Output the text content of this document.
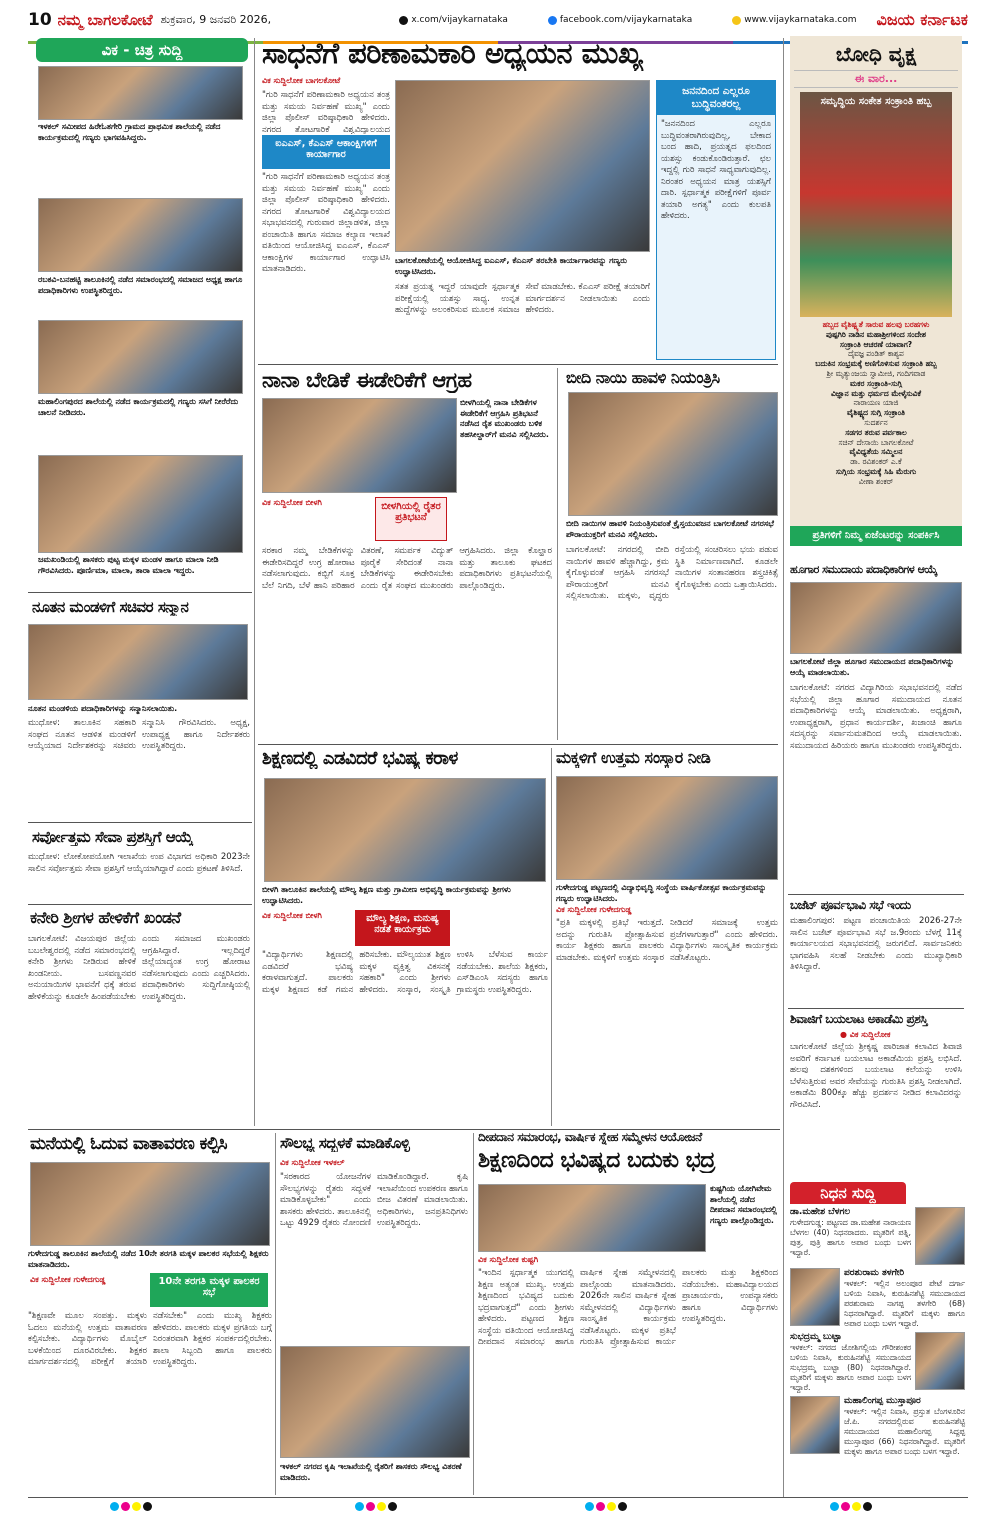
10 ನಮ್ಮ ಬಾಗಲಕೋಟೆ ಶುಕ್ರವಾರ, 9 ಜನವರಿ 2026,	x.com/vijaykarnataka	facebook.com/vijaykarnataka	www.vijaykarnataka.com ವಿಜಯ ಕರ್ನಾಟಕ
ವಿಕ - ಚಿತ್ರ ಸುದ್ದಿ
ಇಳಕಲ್ ಸಮೀಪದ ಹಿರೇಓತಗೇರಿ ಗ್ರಾಮದ ಪ್ರಾಥಮಿಕ ಶಾಲೆಯಲ್ಲಿ ನಡೆದ ಕಾರ್ಯಕ್ರಮದಲ್ಲಿ ಗಣ್ಯರು ಭಾಗವಹಿಸಿದ್ದರು.
ರಬಕವಿ-ಬನಹಟ್ಟಿ ತಾಲೂಕಿನಲ್ಲಿ ನಡೆದ ಸಮಾರಂಭದಲ್ಲಿ ಸಮಾಜದ ಅಧ್ಯಕ್ಷ ಹಾಗೂ ಪದಾಧಿಕಾರಿಗಳು ಉಪಸ್ಥಿತರಿದ್ದರು.
ಮಹಾಲಿಂಗಪುರದ ಶಾಲೆಯಲ್ಲಿ ನಡೆದ ಕಾರ್ಯಕ್ರಮದಲ್ಲಿ ಗಣ್ಯರು ಸಸಿಗೆ ನೀರೆರೆದು ಚಾಲನೆ ನೀಡಿದರು.
ಜಮಖಂಡಿಯಲ್ಲಿ ಶಾಸಕರು ಪುಟ್ಟ ಮಕ್ಕಳ ಮಂಡಳ ಹಾಗೂ ಮಾಲಾ ನೀಡಿ ಗೌರವಿಸಿದರು. ಪೂರ್ಣಿಮಾ, ಮಾಲಾ, ತಾರಾ ಮಾಲಾ ಇದ್ದರು.
ನೂತನ ಮಂಡಳಿಗೆ ಸಚಿವರ ಸನ್ಮಾನ
ನೂತನ ಮಂಡಳಿಯ ಪದಾಧಿಕಾರಿಗಳನ್ನು ಸನ್ಮಾನಿಸಲಾಯಿತು.
ಮುಧೋಳ: ತಾಲೂಕಿನ ಸಹಕಾರಿ ಸಂಘದ ನೂತನ ಆಡಳಿತ ಮಂಡಳಿಗೆ ಆಯ್ಕೆಯಾದ ನಿರ್ದೇಶಕರನ್ನು ಸಚಿವರು ಸನ್ಮಾನಿಸಿ ಗೌರವಿಸಿದರು. ಅಧ್ಯಕ್ಷ, ಉಪಾಧ್ಯಕ್ಷ ಹಾಗೂ ನಿರ್ದೇಶಕರು ಉಪಸ್ಥಿತರಿದ್ದರು.
ಸರ್ವೋತ್ತಮ ಸೇವಾ ಪ್ರಶಸ್ತಿಗೆ ಆಯ್ಕೆ
ಮುಧೋಳ: ಲೋಕೋಪಯೋಗಿ ಇಲಾಖೆಯ ಉಪ ವಿಭಾಗದ ಅಧಿಕಾರಿ 2023ನೇ ಸಾಲಿನ ಸರ್ವೋತ್ತಮ ಸೇವಾ ಪ್ರಶಸ್ತಿಗೆ ಆಯ್ಕೆಯಾಗಿದ್ದಾರೆ ಎಂದು ಪ್ರಕಟಣೆ ತಿಳಿಸಿದೆ.
ಕನೇರಿ ಶ್ರೀಗಳ ಹೇಳಿಕೆಗೆ ಖಂಡನೆ
ಬಾಗಲಕೋಟೆ: ವಿಜಯಪುರ ಜಿಲ್ಲೆಯ ಬಬಲೇಶ್ವರದಲ್ಲಿ ನಡೆದ ಸಮಾರಂಭದಲ್ಲಿ ಕನೇರಿ ಶ್ರೀಗಳು ನೀಡಿರುವ ಹೇಳಿಕೆ ಖಂಡನೀಯ. ಬಸವಣ್ಣನವರ ಅನುಯಾಯಿಗಳ ಭಾವನೆಗೆ ಧಕ್ಕೆ ತರುವ ಹೇಳಿಕೆಯನ್ನು ಕೂಡಲೇ ಹಿಂಪಡೆಯಬೇಕು ಎಂದು ಸಮಾಜದ ಮುಖಂಡರು ಆಗ್ರಹಿಸಿದ್ದಾರೆ. ಇಲ್ಲದಿದ್ದರೆ ಜಿಲ್ಲೆಯಾದ್ಯಂತ ಉಗ್ರ ಹೋರಾಟ ನಡೆಸಲಾಗುವುದು ಎಂದು ಎಚ್ಚರಿಸಿದರು. ಪದಾಧಿಕಾರಿಗಳು ಸುದ್ದಿಗೋಷ್ಠಿಯಲ್ಲಿ ಉಪಸ್ಥಿತರಿದ್ದರು.
ಸಾಧನೆಗೆ ಪರಿಣಾಮಕಾರಿ ಅಧ್ಯಯನ ಮುಖ್ಯ
ವಿಕ ಸುದ್ದಿಲೋಕ ಬಾಗಲಕೋಟೆ
ಐಎಎಸ್, ಕೆಎಎಸ್ ಆಕಾಂಕ್ಷಿಗಳಿಗೆ ಕಾರ್ಯಾಗಾರ
"ಗುರಿ ಸಾಧನೆಗೆ ಪರಿಣಾಮಕಾರಿ ಅಧ್ಯಯನ ತಂತ್ರ ಮತ್ತು ಸಮಯ ನಿರ್ವಹಣೆ ಮುಖ್ಯ" ಎಂದು ಜಿಲ್ಲಾ ಪೊಲೀಸ್ ವರಿಷ್ಠಾಧಿಕಾರಿ ಹೇಳಿದರು. ನಗರದ ತೋಟಗಾರಿಕೆ ವಿಶ್ವವಿದ್ಯಾಲಯದ
ಬಾಗಲಕೋಟೆಯಲ್ಲಿ ಆಯೋಜಿಸಿದ್ದ ಐಎಎಸ್, ಕೆಎಎಸ್ ತರಬೇತಿ ಕಾರ್ಯಾಗಾರವನ್ನು ಗಣ್ಯರು ಉದ್ಘಾಟಿಸಿದರು.
"ಗುರಿ ಸಾಧನೆಗೆ ಪರಿಣಾಮಕಾರಿ ಅಧ್ಯಯನ ತಂತ್ರ ಮತ್ತು ಸಮಯ ನಿರ್ವಹಣೆ ಮುಖ್ಯ" ಎಂದು ಜಿಲ್ಲಾ ಪೊಲೀಸ್ ವರಿಷ್ಠಾಧಿಕಾರಿ ಹೇಳಿದರು. ನಗರದ ತೋಟಗಾರಿಕೆ ವಿಶ್ವವಿದ್ಯಾಲಯದ ಸಭಾಭವನದಲ್ಲಿ ಗುರುವಾರ ಜಿಲ್ಲಾಡಳಿತ, ಜಿಲ್ಲಾ ಪಂಚಾಯಿತಿ ಹಾಗೂ ಸಮಾಜ ಕಲ್ಯಾಣ ಇಲಾಖೆ ವತಿಯಿಂದ ಆಯೋಜಿಸಿದ್ದ ಐಎಎಸ್, ಕೆಎಎಸ್ ಆಕಾಂಕ್ಷಿಗಳ ಕಾರ್ಯಾಗಾರ ಉದ್ಘಾಟಿಸಿ ಮಾತನಾಡಿದರು.
ಸತತ ಪ್ರಯತ್ನ ಇದ್ದರೆ ಯಾವುದೇ ಸ್ಪರ್ಧಾತ್ಮಕ ಪರೀಕ್ಷೆಯಲ್ಲಿ ಯಶಸ್ಸು ಸಾಧ್ಯ. ಉನ್ನತ ಹುದ್ದೆಗಳನ್ನು ಅಲಂಕರಿಸುವ ಮೂಲಕ ಸಮಾಜ ಸೇವೆ ಮಾಡಬೇಕು. ಕೆಎಎಸ್ ಪರೀಕ್ಷೆ ತಯಾರಿಗೆ ಮಾರ್ಗದರ್ಶನ ನೀಡಲಾಯಿತು ಎಂದು ಹೇಳಿದರು.
ಜನನದಿಂದ ಎಲ್ಲರೂ ಬುದ್ಧಿವಂತರಲ್ಲ
"ಜನನದಿಂದ ಎಲ್ಲರೂ ಬುದ್ಧಿವಂತರಾಗಿರುವುದಿಲ್ಲ, ಬೇಕಾದ ಬಂದ ಹಾದಿ, ಪ್ರಯತ್ನದ ಫಲದಿಂದ ಯಶಸ್ಸು ಕಂಡುಕೊಂಡಿರುತ್ತಾರೆ. ಛಲ ಇದ್ದಲ್ಲಿ ಗುರಿ ಸಾಧನೆ ಸಾಧ್ಯವಾಗುವುದಿಲ್ಲ. ನಿರಂತರ ಅಧ್ಯಯನ ಮಾತ್ರ ಯಶಸ್ಸಿಗೆ ದಾರಿ. ಸ್ಪರ್ಧಾತ್ಮಕ ಪರೀಕ್ಷೆಗಳಿಗೆ ಪೂರ್ವ ತಯಾರಿ ಅಗತ್ಯ" ಎಂದು ಕುಲಪತಿ ಹೇಳಿದರು.
ನಾನಾ ಬೇಡಿಕೆ ಈಡೇರಿಕೆಗೆ ಆಗ್ರಹ
ಬೀಳಗಿಯಲ್ಲಿ ನಾನಾ ಬೇಡಿಕೆಗಳ ಈಡೇರಿಕೆಗೆ ಆಗ್ರಹಿಸಿ ಪ್ರತಿಭಟನೆ ನಡೆಸಿದ ರೈತ ಮುಖಂಡರು ಬಳಿಕ ತಹಸೀಲ್ದಾರ್‌ಗೆ ಮನವಿ ಸಲ್ಲಿಸಿದರು.
ವಿಕ ಸುದ್ದಿಲೋಕ ಬೀಳಗಿ	ಬೀಳಗಿಯಲ್ಲಿ ರೈತರ ಪ್ರತಿಭಟನೆ
ಸರಕಾರ ನಮ್ಮ ಬೇಡಿಕೆಗಳನ್ನು ಈಡೇರಿಸದಿದ್ದರೆ ಉಗ್ರ ಹೋರಾಟ ನಡೆಸಲಾಗುವುದು. ಕಬ್ಬಿಗೆ ಸೂಕ್ತ ಬೆಲೆ ನಿಗದಿ, ಬೆಳೆ ಹಾನಿ ಪರಿಹಾರ ವಿತರಣೆ, ಸಮರ್ಪಕ ವಿದ್ಯುತ್ ಪೂರೈಕೆ ಸೇರಿದಂತೆ ನಾನಾ ಬೇಡಿಕೆಗಳನ್ನು ಈಡೇರಿಸಬೇಕು ಎಂದು ರೈತ ಸಂಘದ ಮುಖಂಡರು ಆಗ್ರಹಿಸಿದರು. ಜಿಲ್ಲಾ ಕೊಲ್ಹಾರ ಮತ್ತು ತಾಲೂಕು ಘಟಕದ ಪದಾಧಿಕಾರಿಗಳು ಪ್ರತಿಭಟನೆಯಲ್ಲಿ ಪಾಲ್ಗೊಂಡಿದ್ದರು.
ಬೀದಿ ನಾಯಿ ಹಾವಳಿ ನಿಯಂತ್ರಿಸಿ
ಬೀದಿ ನಾಯಿಗಳ ಹಾವಳಿ ನಿಯಂತ್ರಿಸುವಂತೆ ಕ್ರೈಸ್ತಯುವಜನ ಬಾಗಲಕೋಟೆ ನಗರಸಭೆ ಪೌರಾಯುಕ್ತರಿಗೆ ಮನವಿ ಸಲ್ಲಿಸಿದರು.
ಬಾಗಲಕೋಟೆ: ನಗರದಲ್ಲಿ ಬೀದಿ ನಾಯಿಗಳ ಹಾವಳಿ ಹೆಚ್ಚಾಗಿದ್ದು, ಕ್ರಮ ಕೈಗೊಳ್ಳುವಂತೆ ಆಗ್ರಹಿಸಿ ನಗರಸಭೆ ಪೌರಾಯುಕ್ತರಿಗೆ ಮನವಿ ಸಲ್ಲಿಸಲಾಯಿತು. ಮಕ್ಕಳು, ವೃದ್ಧರು ರಸ್ತೆಯಲ್ಲಿ ಸಂಚರಿಸಲು ಭಯ ಪಡುವ ಸ್ಥಿತಿ ನಿರ್ಮಾಣವಾಗಿದೆ. ಕೂಡಲೇ ನಾಯಿಗಳ ಸಂತಾನಹರಣ ಶಸ್ತ್ರಚಿಕಿತ್ಸೆ ಕೈಗೊಳ್ಳಬೇಕು ಎಂದು ಒತ್ತಾಯಿಸಿದರು.
ಶಿಕ್ಷಣದಲ್ಲಿ ಎಡವಿದರೆ ಭವಿಷ್ಯ ಕರಾಳ
ಬೀಳಗಿ ತಾಲೂಕಿನ ಶಾಲೆಯಲ್ಲಿ ಮೌಲ್ಯ ಶಿಕ್ಷಣ ಮತ್ತು ಗ್ರಾಮೀಣ ಅಭಿವೃದ್ಧಿ ಕಾರ್ಯಕ್ರಮವನ್ನು ಶ್ರೀಗಳು ಉದ್ಘಾಟಿಸಿದರು.
ವಿಕ ಸುದ್ದಿಲೋಕ ಬೀಳಗಿ	ಮೌಲ್ಯ ಶಿಕ್ಷಣ, ಮನುಷ್ಯ ನಡತೆ ಕಾರ್ಯಕ್ರಮ
"ವಿದ್ಯಾರ್ಥಿಗಳು ಶಿಕ್ಷಣದಲ್ಲಿ ಎಡವಿದರೆ ಭವಿಷ್ಯ ಕರಾಳವಾಗುತ್ತದೆ. ಪಾಲಕರು ಮಕ್ಕಳ ಶಿಕ್ಷಣದ ಕಡೆ ಗಮನ ಹರಿಸಬೇಕು. ಮೌಲ್ಯಯುತ ಶಿಕ್ಷಣ ಮಕ್ಕಳ ವ್ಯಕ್ತಿತ್ವ ವಿಕಸನಕ್ಕೆ ಸಹಕಾರಿ" ಎಂದು ಶ್ರೀಗಳು ಹೇಳಿದರು. ಸಂಸ್ಕಾರ, ಸಂಸ್ಕೃತಿ ಉಳಿಸಿ ಬೆಳೆಸುವ ಕಾರ್ಯ ನಡೆಯಬೇಕು. ಶಾಲೆಯ ಶಿಕ್ಷಕರು, ಎಸ್‌ಡಿಎಂಸಿ ಸದಸ್ಯರು ಹಾಗೂ ಗ್ರಾಮಸ್ಥರು ಉಪಸ್ಥಿತರಿದ್ದರು.
ಮಕ್ಕಳಿಗೆ ಉತ್ತಮ ಸಂಸ್ಕಾರ ನೀಡಿ
ಗುಳೇದಗುಡ್ಡ ಪಟ್ಟಣದಲ್ಲಿ ವಿದ್ಯಾಭಿವೃದ್ಧಿ ಸಂಸ್ಥೆಯ ವಾರ್ಷಿಕೋತ್ಸವ ಕಾರ್ಯಕ್ರಮವನ್ನು ಗಣ್ಯರು ಉದ್ಘಾಟಿಸಿದರು.
ವಿಕ ಸುದ್ದಿಲೋಕ ಗುಳೇದಗುಡ್ಡ
"ಪ್ರತಿ ಮಕ್ಕಳಲ್ಲಿ ಪ್ರತಿಭೆ ಇರುತ್ತದೆ. ಅದನ್ನು ಗುರುತಿಸಿ ಪ್ರೋತ್ಸಾಹಿಸುವ ಕಾರ್ಯ ಶಿಕ್ಷಕರು ಹಾಗೂ ಪಾಲಕರು ಮಾಡಬೇಕು. ಮಕ್ಕಳಿಗೆ ಉತ್ತಮ ಸಂಸ್ಕಾರ ನೀಡಿದರೆ ಸಮಾಜಕ್ಕೆ ಉತ್ತಮ ಪ್ರಜೆಗಳಾಗುತ್ತಾರೆ" ಎಂದು ಹೇಳಿದರು. ವಿದ್ಯಾರ್ಥಿಗಳು ಸಾಂಸ್ಕೃತಿಕ ಕಾರ್ಯಕ್ರಮ ನಡೆಸಿಕೊಟ್ಟರು.
ಬೋಧಿ ವೃಕ್ಷ
ಈ ವಾರ...
ಸಮೃದ್ಧಿಯ ಸಂಕೇತ ಸಂಕ್ರಾಂತಿ ಹಬ್ಬ
ಹಬ್ಬದ ವೈಶಿಷ್ಟ್ಯತೆ ಸಾರುವ ಹಲವು ಬರಹಗಳು
ಪುಷ್ಪಗಿರಿ ನಾಡಿನ ಮಹಾಶ್ರೀಗಳಿಂದ ಸಂದೇಶ
ಸಂಕ್ರಾಂತಿ ಆಚರಣೆ ಯಾವಾಗ?
ದೈವಜ್ಞ ಪಂಡಿತ್ ಕಾಶ್ಯಪ
ಬದುಕಿನ ಸಂಭ್ರಮಕ್ಕೆ ಅಣಿಗೊಳಿಸುವ ಸಂಕ್ರಾಂತಿ ಹಬ್ಬ
ಶ್ರೀ ಮೃತ್ಯುಂಜಯ ಸ್ವಾಮೀಜಿ, ಗಂದಿಗವಾಡ
ಮಕರ ಸಂಕ್ರಾಂತಿ-ಸುಗ್ಗಿ
ವಿಜ್ಞಾನ ಮತ್ತು ಧರ್ಮದ ಮೇಳೈಸುವಿಕೆ
ನಾರಾಯಣ ಯಾಜಿ
ವೈಶಿಷ್ಟ್ಯದ ಸುಗ್ಗಿ ಸಂಕ್ರಾಂತಿ
ಸುದರ್ಶನ
ಸಡಗರ ತರುವ ಪರ್ವಕಾಲ
ಸಚಿನ್ ದೇಸಾಯಿ ಬಾಗಲಕೋಟೆ
ವೈವಿಧ್ಯತೆಯ ಸಮ್ಮಿಲನ
ಡಾ. ರವಿಶಂಕರ್ ಎ.ಕೆ
ಸುಗ್ಗಿಯ ಸಂಭ್ರಮಕ್ಕೆ ಸಿಹಿ ಮೆರುಗು
ವೀಣಾ ಶಂಕರ್
ಪ್ರತಿಗಳಿಗೆ ನಿಮ್ಮ ಏಜೆಂಟರನ್ನು ಸಂಪರ್ಕಿಸಿ
ಹೂಗಾರ ಸಮುದಾಯ ಪದಾಧಿಕಾರಿಗಳ ಆಯ್ಕೆ
ಬಾಗಲಕೋಟೆ ಜಿಲ್ಲಾ ಹೂಗಾರ ಸಮುದಾಯದ ಪದಾಧಿಕಾರಿಗಳನ್ನು ಆಯ್ಕೆ ಮಾಡಲಾಯಿತು.
ಬಾಗಲಕೋಟೆ: ನಗರದ ವಿದ್ಯಾಗಿರಿಯ ಸಭಾಭವನದಲ್ಲಿ ನಡೆದ ಸಭೆಯಲ್ಲಿ ಜಿಲ್ಲಾ ಹೂಗಾರ ಸಮುದಾಯದ ನೂತನ ಪದಾಧಿಕಾರಿಗಳನ್ನು ಆಯ್ಕೆ ಮಾಡಲಾಯಿತು. ಅಧ್ಯಕ್ಷರಾಗಿ, ಉಪಾಧ್ಯಕ್ಷರಾಗಿ, ಪ್ರಧಾನ ಕಾರ್ಯದರ್ಶಿ, ಖಜಾಂಚಿ ಹಾಗೂ ಸದಸ್ಯರನ್ನು ಸರ್ವಾನುಮತದಿಂದ ಆಯ್ಕೆ ಮಾಡಲಾಯಿತು. ಸಮುದಾಯದ ಹಿರಿಯರು ಹಾಗೂ ಮುಖಂಡರು ಉಪಸ್ಥಿತರಿದ್ದರು.
ಬಜೆಟ್ ಪೂರ್ವಭಾವಿ ಸಭೆ ಇಂದು
ಮಹಾಲಿಂಗಪುರ: ಪಟ್ಟಣ ಪಂಚಾಯಿತಿಯ 2026-27ನೇ ಸಾಲಿನ ಬಜೆಟ್ ಪೂರ್ವಭಾವಿ ಸಭೆ ಜ.9ರಂದು ಬೆಳಗ್ಗೆ 11ಕ್ಕೆ ಕಾರ್ಯಾಲಯದ ಸಭಾಭವನದಲ್ಲಿ ಜರುಗಲಿದೆ. ಸಾರ್ವಜನಿಕರು ಭಾಗವಹಿಸಿ ಸಲಹೆ ನೀಡಬೇಕು ಎಂದು ಮುಖ್ಯಾಧಿಕಾರಿ ತಿಳಿಸಿದ್ದಾರೆ.
ಶಿವಾಜಿಗೆ ಬಯಲಾಟ ಅಕಾಡೆಮಿ ಪ್ರಶಸ್ತಿ
● ವಿಕ ಸುದ್ದಿಲೋಕ
ಬಾಗಲಕೋಟೆ ಜಿಲ್ಲೆಯ ಶ್ರೀಕೃಷ್ಣ ಪಾರಿಜಾತ ಕಲಾವಿದ ಶಿವಾಜಿ ಅವರಿಗೆ ಕರ್ನಾಟಕ ಬಯಲಾಟ ಅಕಾಡೆಮಿಯ ಪ್ರಶಸ್ತಿ ಲಭಿಸಿದೆ. ಹಲವು ದಶಕಗಳಿಂದ ಬಯಲಾಟ ಕಲೆಯನ್ನು ಉಳಿಸಿ ಬೆಳೆಸುತ್ತಿರುವ ಅವರ ಸೇವೆಯನ್ನು ಗುರುತಿಸಿ ಪ್ರಶಸ್ತಿ ನೀಡಲಾಗಿದೆ. ಅಕಾಡೆಮಿ 800ಕ್ಕೂ ಹೆಚ್ಚು ಪ್ರದರ್ಶನ ನೀಡಿದ ಕಲಾವಿದರನ್ನು ಗೌರವಿಸಿದೆ.
ನಿಧನ ಸುದ್ದಿ
ಡಾ.ಮಹೇಶ ಬೆಳಗಲ
ಗುಳೇದಗುಡ್ಡ: ಪಟ್ಟಣದ ಡಾ.ಮಹೇಶ ನಾರಾಯಣ ಬೆಳಗಲ (40) ನಿಧನರಾದರು. ಮೃತರಿಗೆ ಪತ್ನಿ, ಪುತ್ರ, ಪುತ್ರಿ ಹಾಗೂ ಅಪಾರ ಬಂಧು ಬಳಗ ಇದ್ದಾರೆ.
ಪರಶುರಾಮ ತಳಗೇರಿ
ಇಳಕಲ್: ಇಲ್ಲಿನ ಅಲಂಪೂರ ಪೇಟೆ ದರ್ಗಾ ಬಳಿಯ ನಿವಾಸಿ, ಕುರುಹಿನಶೆಟ್ಟಿ ಸಮುದಾಯದ ಪರಶುರಾಮ ನಾಗಪ್ಪ ತಳಗೇರಿ (68) ನಿಧನರಾಗಿದ್ದಾರೆ. ಮೃತರಿಗೆ ಮಕ್ಕಳು ಹಾಗೂ ಅಪಾರ ಬಂಧು ಬಳಗ ಇದ್ದಾರೆ.
ಸುಭದ್ರಮ್ಮ ಬುಟ್ಟಾ
ಇಳಕಲ್: ನಗರದ ಜೋಶಿಗಲ್ಲಿಯ ಗೌರೀಶಂಕರ ಬಳಿಯ ನಿವಾಸಿ, ಕುರುಹಿನಶೆಟ್ಟಿ ಸಮುದಾಯದ ಸುಭದ್ರಮ್ಮ ಬುಟ್ಟಾ (80) ನಿಧನರಾಗಿದ್ದಾರೆ. ಮೃತರಿಗೆ ಮಕ್ಕಳು ಹಾಗೂ ಅಪಾರ ಬಂಧು ಬಳಗ ಇದ್ದಾರೆ.
ಮಹಾಲಿಂಗಪ್ಪ ಮುಸ್ತಾಪೂರ
ಇಳಕಲ್: ಇಲ್ಲಿನ ನಿವಾಸಿ, ಪ್ರಸ್ತುತ ಬೆಂಗಳೂರಿನ ಜೆ.ಪಿ. ನಗರದಲ್ಲಿರುವ ಕುರುಹಿನಶೆಟ್ಟಿ ಸಮುದಾಯದ ಮಹಾಲಿಂಗಪ್ಪ ಸಿದ್ದಪ್ಪ ಮುಸ್ತಾಪೂರ (66) ನಿಧನರಾಗಿದ್ದಾರೆ. ಮೃತರಿಗೆ ಮಕ್ಕಳು ಹಾಗೂ ಅಪಾರ ಬಂಧು ಬಳಗ ಇದ್ದಾರೆ.
ಮನೆಯಲ್ಲಿ ಓದುವ ವಾತಾವರಣ ಕಲ್ಪಿಸಿ
ಗುಳೇದಗುಡ್ಡ ತಾಲೂಕಿನ ಶಾಲೆಯಲ್ಲಿ ನಡೆದ 10ನೇ ತರಗತಿ ಮಕ್ಕಳ ಪಾಲಕರ ಸಭೆಯಲ್ಲಿ ಶಿಕ್ಷಕರು ಮಾತನಾಡಿದರು.
ವಿಕ ಸುದ್ದಿಲೋಕ ಗುಳೇದಗುಡ್ಡ	10ನೇ ತರಗತಿ ಮಕ್ಕಳ ಪಾಲಕರ ಸಭೆ
"ಶಿಕ್ಷಣವೇ ಮೂಲ ಸಂಪತ್ತು. ಮಕ್ಕಳು ಓದಲು ಮನೆಯಲ್ಲಿ ಉತ್ತಮ ವಾತಾವರಣ ಕಲ್ಪಿಸಬೇಕು. ವಿದ್ಯಾರ್ಥಿಗಳು ಮೊಬೈಲ್ ಬಳಕೆಯಿಂದ ದೂರವಿರಬೇಕು. ಶಿಕ್ಷಕರ ಮಾರ್ಗದರ್ಶನದಲ್ಲಿ ಪರೀಕ್ಷೆಗೆ ತಯಾರಿ ನಡೆಸಬೇಕು" ಎಂದು ಮುಖ್ಯ ಶಿಕ್ಷಕರು ಹೇಳಿದರು. ಪಾಲಕರು ಮಕ್ಕಳ ಪ್ರಗತಿಯ ಬಗ್ಗೆ ನಿರಂತರವಾಗಿ ಶಿಕ್ಷಕರ ಸಂಪರ್ಕದಲ್ಲಿರಬೇಕು. ಶಾಲಾ ಸಿಬ್ಬಂದಿ ಹಾಗೂ ಪಾಲಕರು ಉಪಸ್ಥಿತರಿದ್ದರು.
ಸೌಲಭ್ಯ ಸದ್ಬಳಕೆ ಮಾಡಿಕೊಳ್ಳಿ
ವಿಕ ಸುದ್ದಿಲೋಕ ಇಳಕಲ್
"ಸರಕಾರದ ಯೋಜನೆಗಳ ಸೌಲಭ್ಯಗಳನ್ನು ರೈತರು ಸದ್ಬಳಕೆ ಮಾಡಿಕೊಳ್ಳಬೇಕು" ಎಂದು ಶಾಸಕರು ಹೇಳಿದರು. ತಾಲೂಕಿನಲ್ಲಿ ಒಟ್ಟು 4929 ರೈತರು ನೋಂದಣಿ ಮಾಡಿಕೊಂಡಿದ್ದಾರೆ. ಕೃಷಿ ಇಲಾಖೆಯಿಂದ ಉಪಕರಣ ಹಾಗೂ ಬೀಜ ವಿತರಣೆ ಮಾಡಲಾಯಿತು. ಅಧಿಕಾರಿಗಳು, ಜನಪ್ರತಿನಿಧಿಗಳು ಉಪಸ್ಥಿತರಿದ್ದರು.
ಇಳಕಲ್ ನಗರದ ಕೃಷಿ ಇಲಾಖೆಯಲ್ಲಿ ರೈತರಿಗೆ ಶಾಸಕರು ಸೌಲಭ್ಯ ವಿತರಣೆ ಮಾಡಿದರು.
ದೀಪದಾನ ಸಮಾರಂಭ, ವಾರ್ಷಿಕ ಸ್ನೇಹ ಸಮ್ಮೇಳನ ಆಯೋಜನೆ
ಶಿಕ್ಷಣದಿಂದ ಭವಿಷ್ಯದ ಬದುಕು ಭದ್ರ
ಕುಷ್ಟಗಿಯ ಯೋಗಿವೇಮ ಶಾಲೆಯಲ್ಲಿ ನಡೆದ ದೀಪದಾನ ಸಮಾರಂಭದಲ್ಲಿ ಗಣ್ಯರು ಪಾಲ್ಗೊಂಡಿದ್ದರು.
ವಿಕ ಸುದ್ದಿಲೋಕ ಕುಷ್ಟಗಿ
"ಇಂದಿನ ಸ್ಪರ್ಧಾತ್ಮಕ ಯುಗದಲ್ಲಿ ಶಿಕ್ಷಣ ಅತ್ಯಂತ ಮುಖ್ಯ. ಉತ್ತಮ ಶಿಕ್ಷಣದಿಂದ ಭವಿಷ್ಯದ ಬದುಕು ಭದ್ರವಾಗುತ್ತದೆ" ಎಂದು ಶ್ರೀಗಳು ಹೇಳಿದರು. ಪಟ್ಟಣದ ಶಿಕ್ಷಣ ಸಂಸ್ಥೆಯ ವತಿಯಿಂದ ಆಯೋಜಿಸಿದ್ದ ದೀಪದಾನ ಸಮಾರಂಭ ಹಾಗೂ ವಾರ್ಷಿಕ ಸ್ನೇಹ ಸಮ್ಮೇಳನದಲ್ಲಿ ಪಾಲ್ಗೊಂಡು ಮಾತನಾಡಿದರು. 2026ನೇ ಸಾಲಿನ ವಾರ್ಷಿಕ ಸ್ನೇಹ ಸಮ್ಮೇಳನದಲ್ಲಿ ವಿದ್ಯಾರ್ಥಿಗಳು ಸಾಂಸ್ಕೃತಿಕ ಕಾರ್ಯಕ್ರಮ ನಡೆಸಿಕೊಟ್ಟರು. ಮಕ್ಕಳ ಪ್ರತಿಭೆ ಗುರುತಿಸಿ ಪ್ರೋತ್ಸಾಹಿಸುವ ಕಾರ್ಯ ಪಾಲಕರು ಮತ್ತು ಶಿಕ್ಷಕರಿಂದ ನಡೆಯಬೇಕು. ಮಹಾವಿದ್ಯಾಲಯದ ಪ್ರಾಚಾರ್ಯರು, ಉಪನ್ಯಾಸಕರು ಹಾಗೂ ವಿದ್ಯಾರ್ಥಿಗಳು ಉಪಸ್ಥಿತರಿದ್ದರು.
